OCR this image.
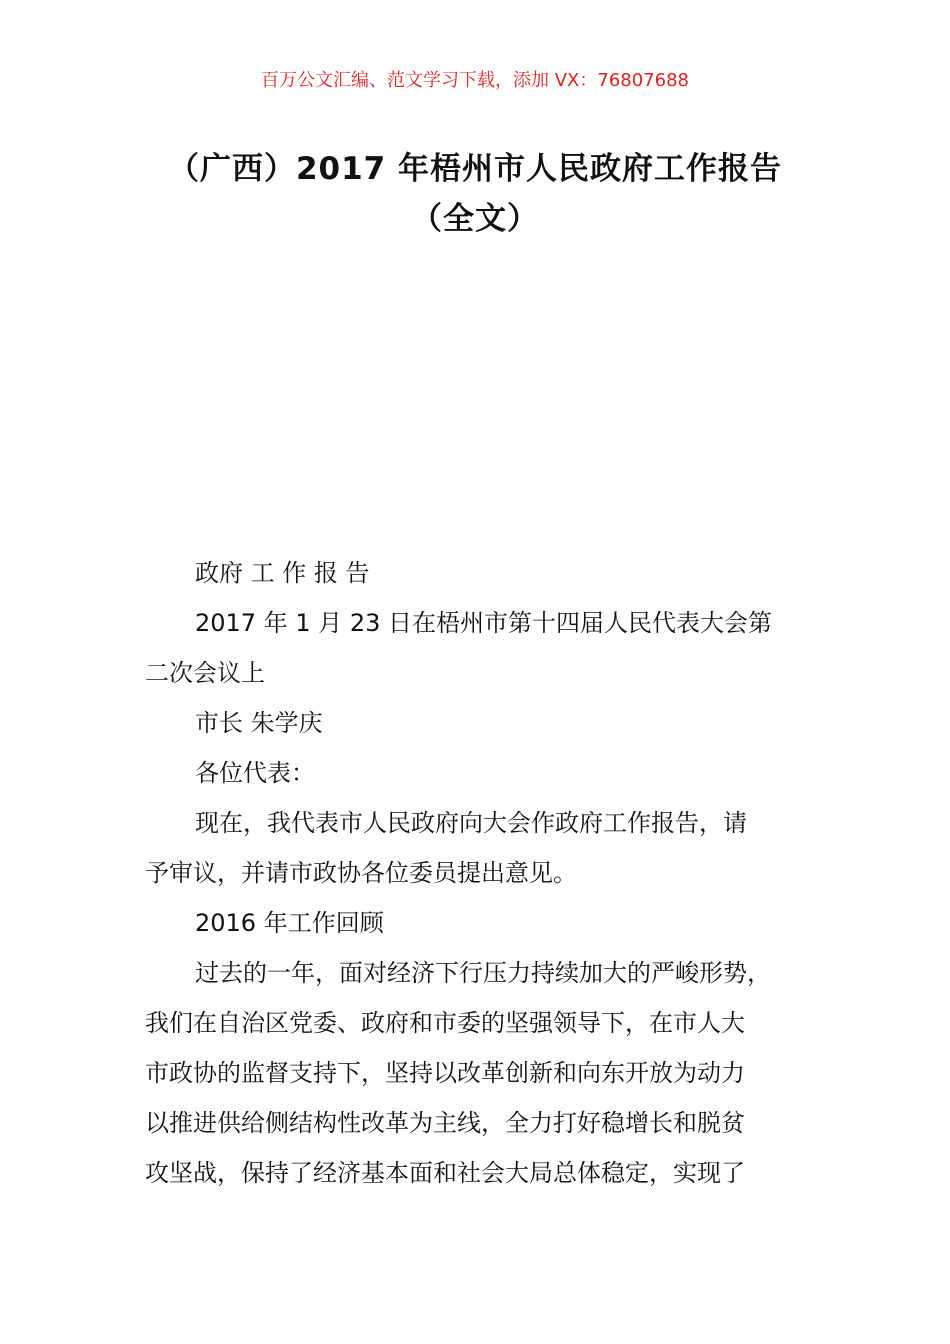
百万公文汇编、范文学习下载，添加 VX：76807688
（广西）2017 年梧州市人民政府工作报告
（全文）
政府 工 作 报 告
2017 年 1 月 23 日在梧州市第十四届人民代表大会第
二次会议上
市长 朱学庆
各位代表：
现在，我代表市人民政府向大会作政府工作报告，请
予审议，并请市政协各位委员提出意见。
2016 年工作回顾
过去的一年，面对经济下行压力持续加大的严峻形势，
我们在自治区党委、政府和市委的坚强领导下，在市人大
市政协的监督支持下，坚持以改革创新和向东开放为动力
以推进供给侧结构性改革为主线，全力打好稳增长和脱贫
攻坚战，保持了经济基本面和社会大局总体稳定，实现了
